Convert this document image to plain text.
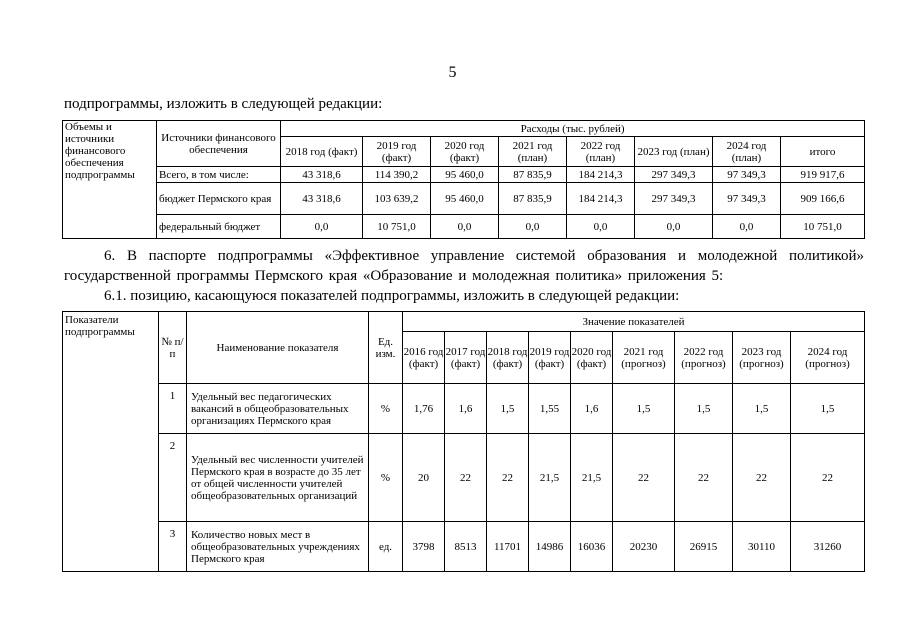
5
подпрограммы, изложить в следующей редакции:
Объемы и источники финансового обеспечения подпрограммы	Источники финансового обеспечения	Расходы (тыс. рублей)							
		2018 год (факт)	2019 год (факт)	2020 год (факт)	2021 год (план)	2022 год (план)	2023 год (план)	2024 год (план)	итого
	Всего, в том числе:	43 318,6	114 390,2	95 460,0	87 835,9	184 214,3	297 349,3	97 349,3	919 917,6
	бюджет Пермского края	43 318,6	103 639,2	95 460,0	87 835,9	184 214,3	297 349,3	97 349,3	909 166,6
	федеральный бюджет	0,0	10 751,0	0,0	0,0	0,0	0,0	0,0	10 751,0
6. В паспорте подпрограммы «Эффективное управление системой образования и молодежной политикой» государственной программы Пермского края «Образование и молодежная политика» приложения 5:
6.1. позицию, касающуюся показателей подпрограммы, изложить в следующей редакции:
Показатели подпрограммы	№ п/п	Наименование показателя	Ед. изм.	Значение показателей								
				2016 год (факт)	2017 год (факт)	2018 год (факт)	2019 год (факт)	2020 год (факт)	2021 год (прогноз)	2022 год (прогноз)	2023 год (прогноз)	2024 год (прогноз)
	1	Удельный вес педагогических вакансий в общеобразовательных организациях Пермского края	%	1,76	1,6	1,5	1,55	1,6	1,5	1,5	1,5	1,5
	2	Удельный вес численности учителей Пермского края в возрасте до 35 лет от общей численности учителей общеобразовательных организаций	%	20	22	22	21,5	21,5	22	22	22	22
	3	Количество новых мест в общеобразовательных учреждениях Пермского края	ед.	3798	8513	11701	14986	16036	20230	26915	30110	31260
